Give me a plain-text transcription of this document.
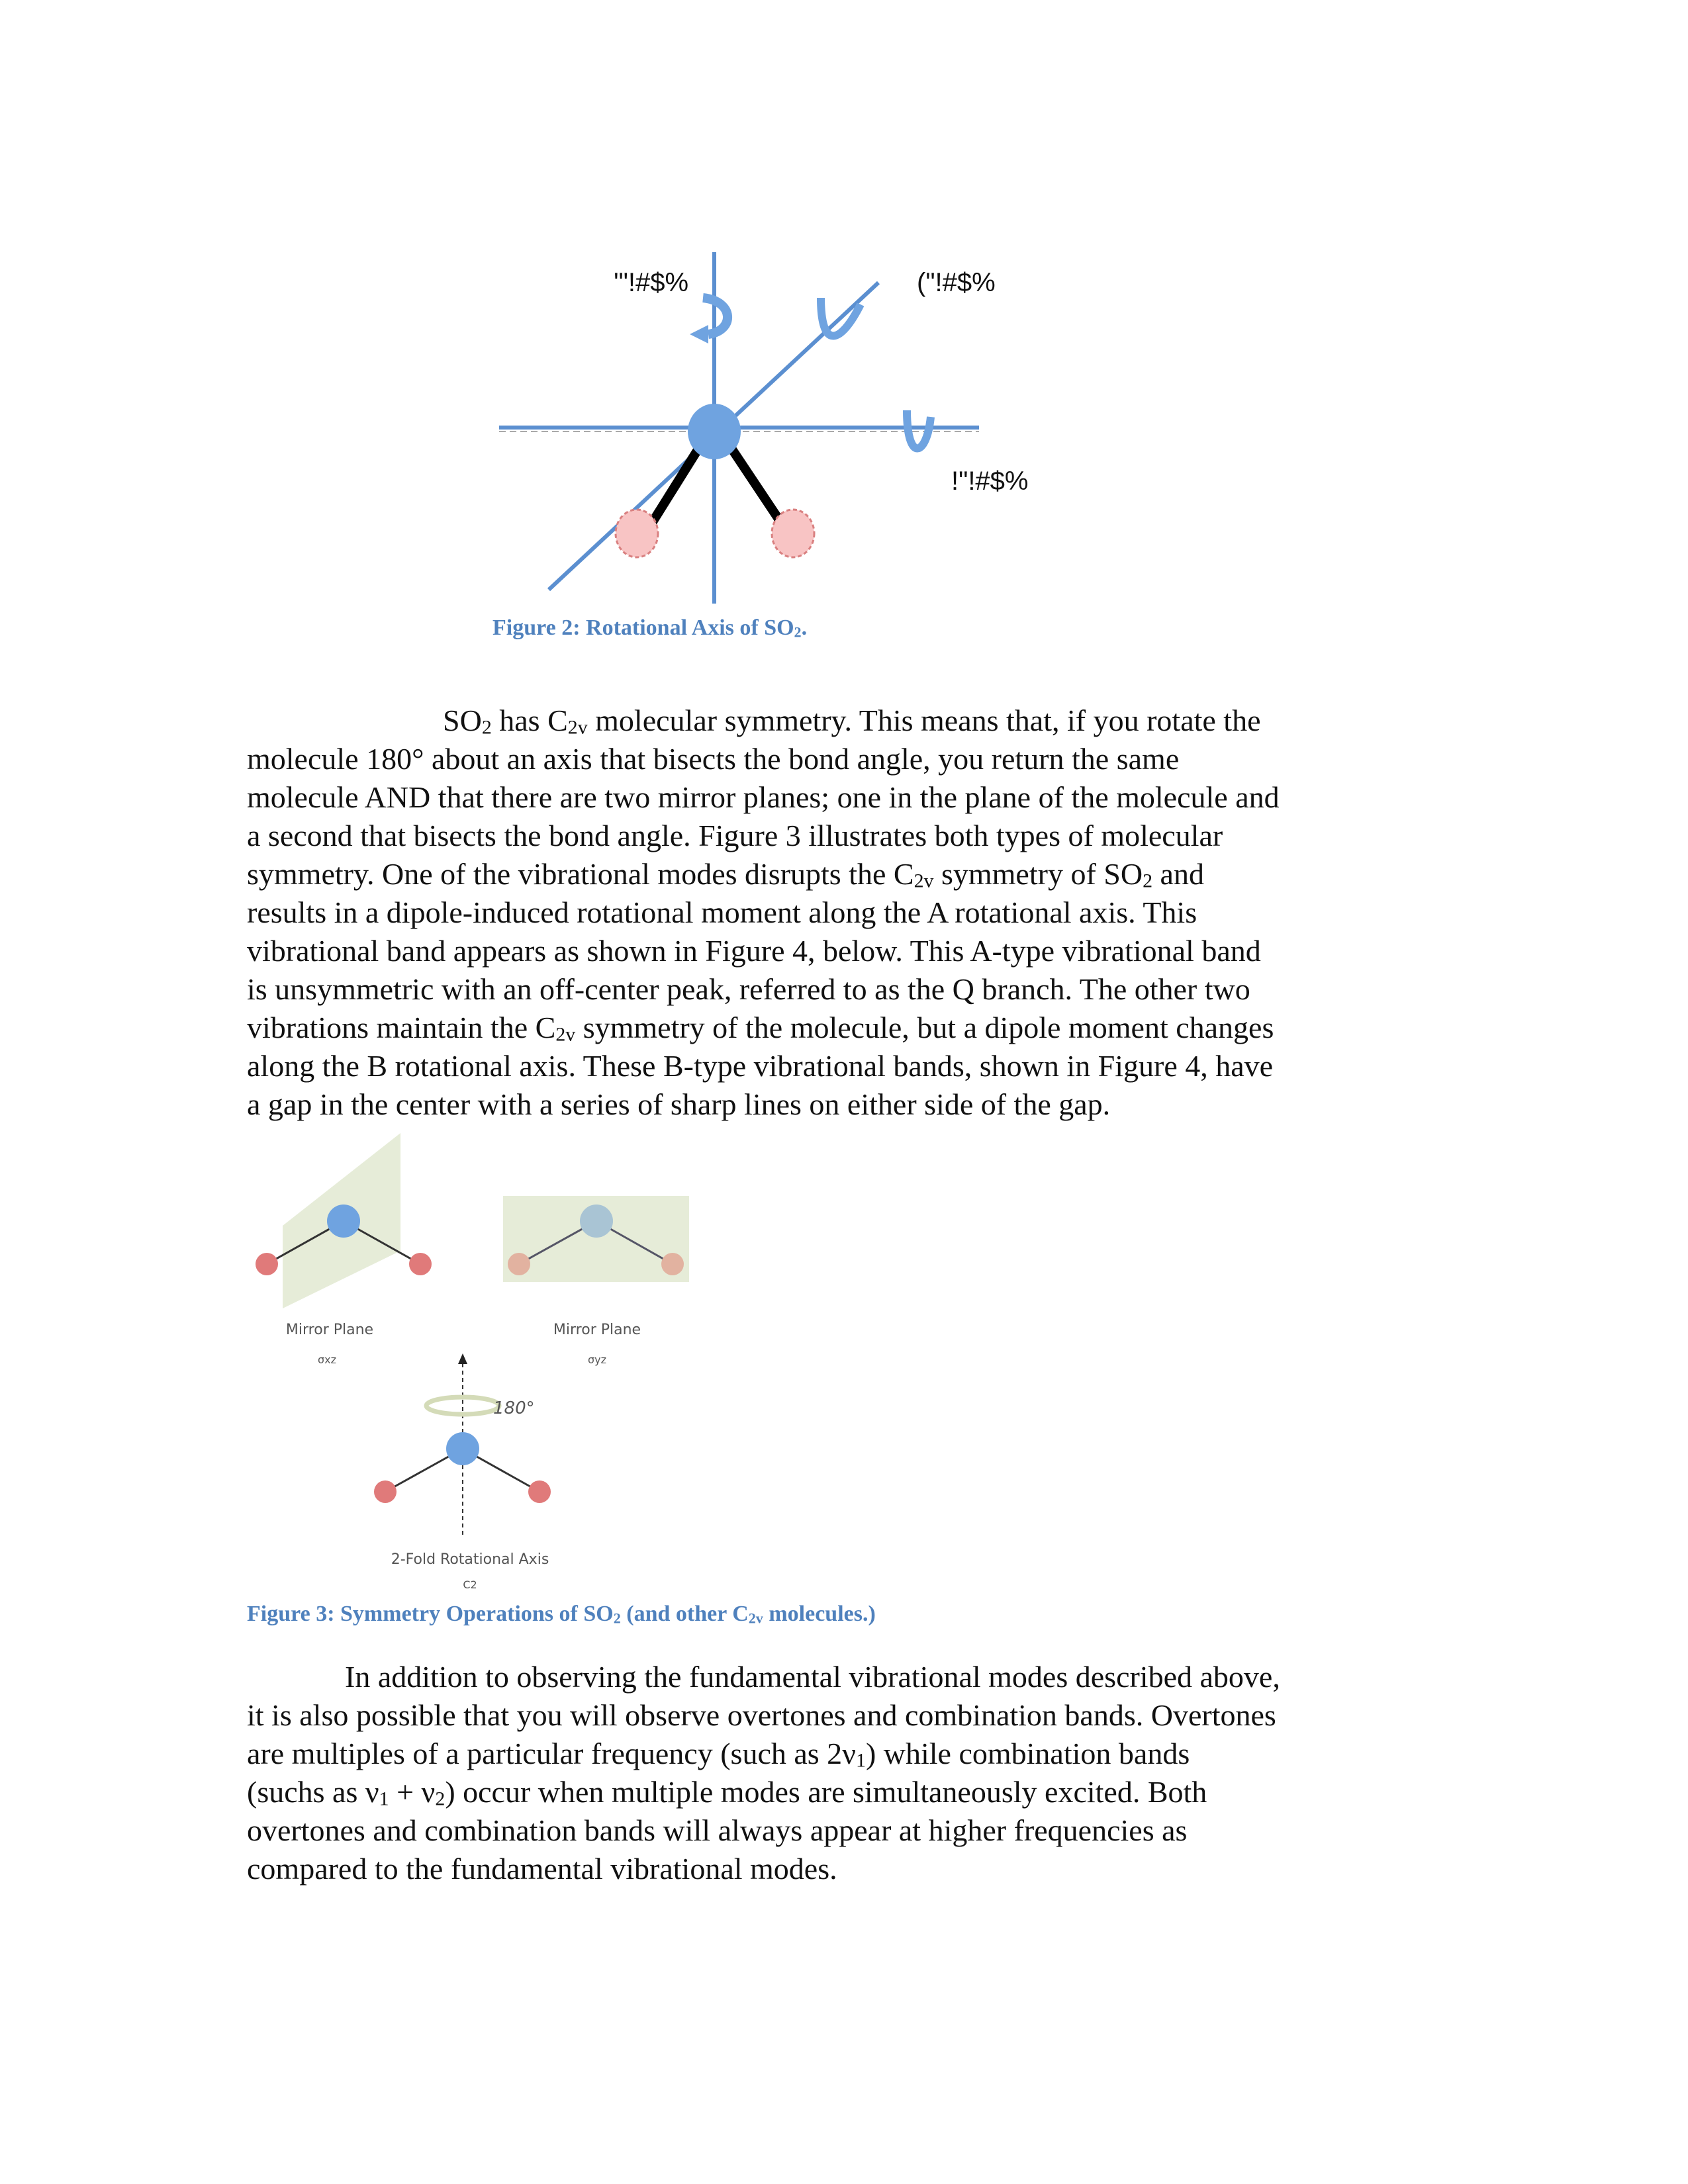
'"!#$%	("!#$%
!"!#$%
Figure 2: Rotational Axis of $SO_2$.
$SO_2$ has $C_{2v}$ molecular symmetry. This means that, if you rotate the
molecule 180° about an axis that bisects the bond angle, you return the same
molecule AND that there are two mirror planes; one in the plane of the molecule and
a second that bisects the bond angle. Figure 3 illustrates both types of molecular
symmetry. One of the vibrational modes disrupts the $C_{2v}$ symmetry of $SO_2$ and
results in a dipole-induced rotational moment along the A rotational axis. This
vibrational band appears as shown in Figure 4, below. This A-type vibrational band
is unsymmetric with an off-center peak, referred to as the Q branch. The other two
vibrations maintain the $C_{2v}$ symmetry of the molecule, but a dipole moment changes
along the B rotational axis. These B-type vibrational bands, shown in Figure 4, have
a gap in the center with a series of sharp lines on either side of the gap.
Mirror Plane
σxz
Mirror Plane
σyz
180°
2-Fold Rotational Axis
C2
Figure 3: Symmetry Operations of $SO_2$ (and other $C_{2v}$ molecules.)
In addition to observing the fundamental vibrational modes described above,
it is also possible that you will observe overtones and combination bands. Overtones
are multiples of a particular frequency (such as $2\nu_1$) while combination bands
(suchs as $\nu_1 + \nu_2$) occur when multiple modes are simultaneously excited. Both
overtones and combination bands will always appear at higher frequencies as
compared to the fundamental vibrational modes.
